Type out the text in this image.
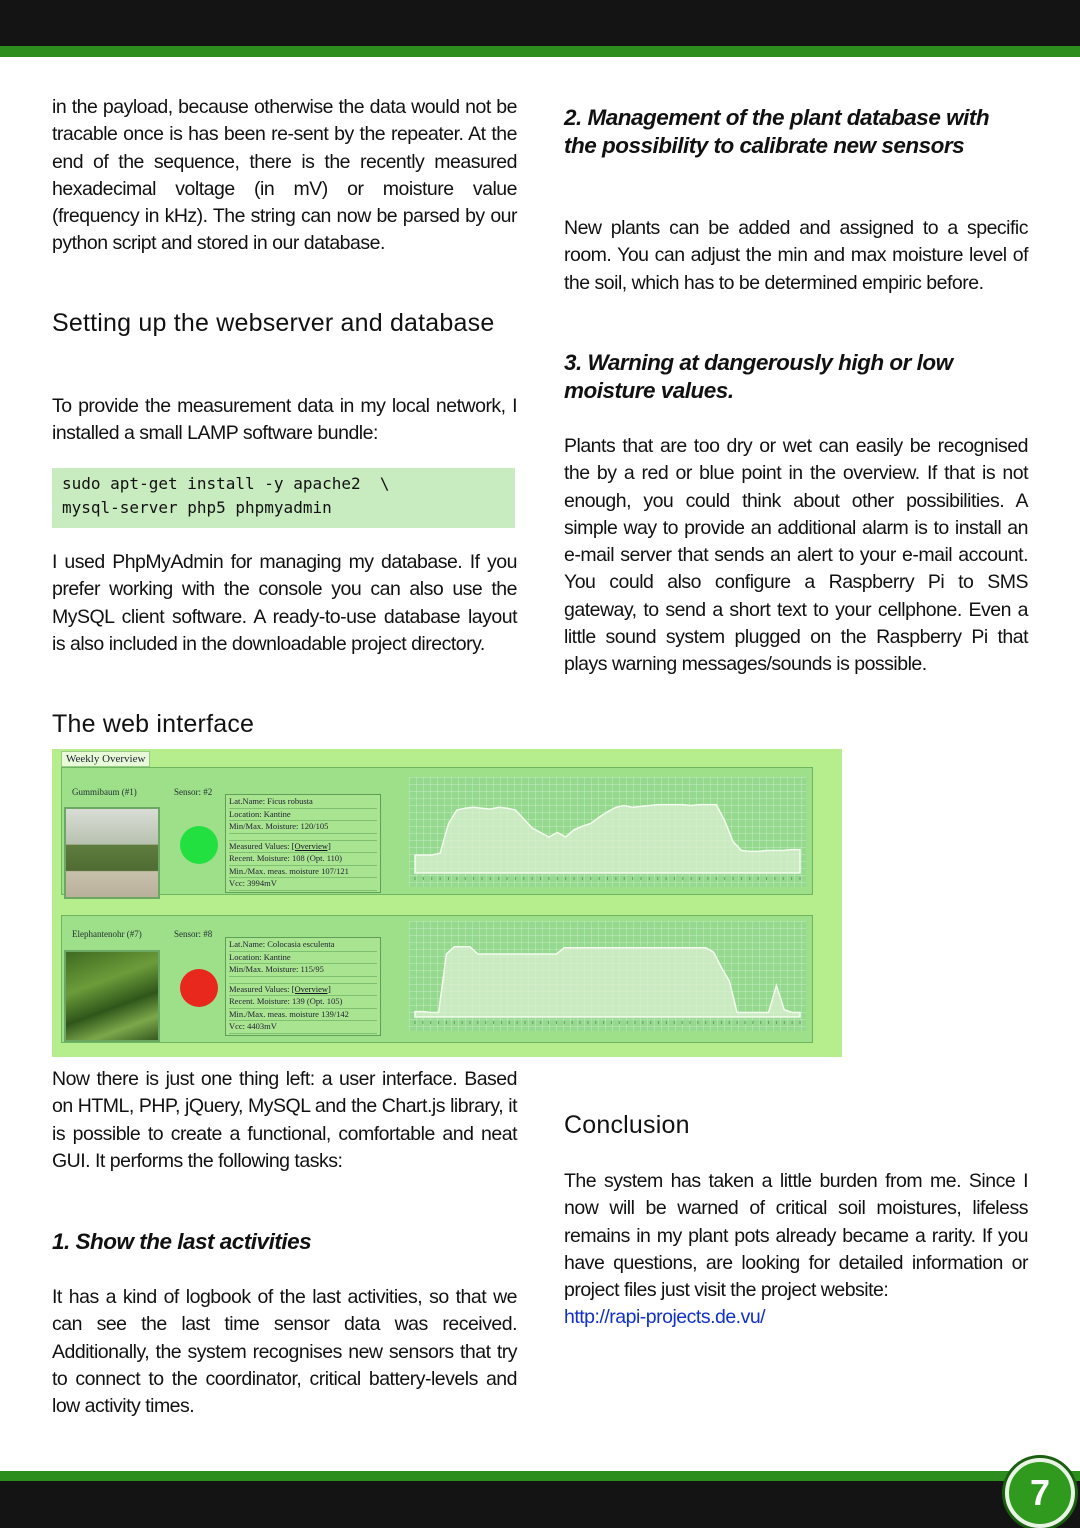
in the payload, because otherwise the data would not be tracable once is has been re-sent by the repeater. At the end of the sequence, there is the recently measured hexadecimal voltage (in mV) or moisture value (frequency in kHz). The string can now be parsed by our python script and stored in our database.

Setting up the webserver and database

To provide the measurement data in my local network, I installed a small LAMP software bundle:

sudo apt-get install -y apache2  \
mysql-server php5 phpmyadmin

I used PhpMyAdmin for managing my database. If you prefer working with the console you can also use the MySQL client software. A ready-to-use database layout is also included in the downloadable project directory.

The web interface
Weekly Overview
Gummibaum (#1)	Sensor: #2
Lat.Name: Ficus robusta
Location: Kantine
Min/Max. Moisture: 120/105
Measured Values: [Overview]
Recent. Moisture: 108 (Opt. 110)
Min./Max. meas. moisture 107/121
Vcc: 3994mV
Elephantenohr (#7)	Sensor: #8
Lat.Name: Colocasia esculenta
Location: Kantine
Min/Max. Moisture: 115/95
Measured Values: [Overview]
Recent. Moisture: 139 (Opt. 105)
Min./Max. meas. moisture 139/142
Vcc: 4403mV

Now there is just one thing left: a user interface. Based on HTML, PHP, jQuery, MySQL and the Chart.js library, it is possible to create a functional, comfortable and neat GUI. It performs the following tasks:

1. Show the last activities

It has a kind of logbook of the last activities, so that we can see the last time sensor data was received. Additionally, the system recognises new sensors that try to connect to the coordinator, critical battery-levels and low activity times.

2. Management of the plant database with the possibility to calibrate new sensors

New plants can be added and assigned to a specific room. You can adjust the min and max moisture level of the soil, which has to be determined empiric before.

3. Warning at dangerously high or low moisture values.

Plants that are too dry or wet can easily be recognised the by a red or blue point in the overview. If that is not enough, you could think about other possibilities. A simple way to provide an additional alarm is to install an e-mail server that sends an alert to your e-mail account. You could also configure a Raspberry Pi to SMS gateway, to send a short text to your cellphone. Even a little sound system plugged on the Raspberry Pi that plays warning messages/sounds is possible.

Conclusion

The system has taken a little burden from me. Since I now will be warned of critical soil moistures, lifeless remains in my plant pots already became a rarity. If you have questions, are looking for detailed information or project files just visit the project website:

http://rapi-projects.de.vu/

7
